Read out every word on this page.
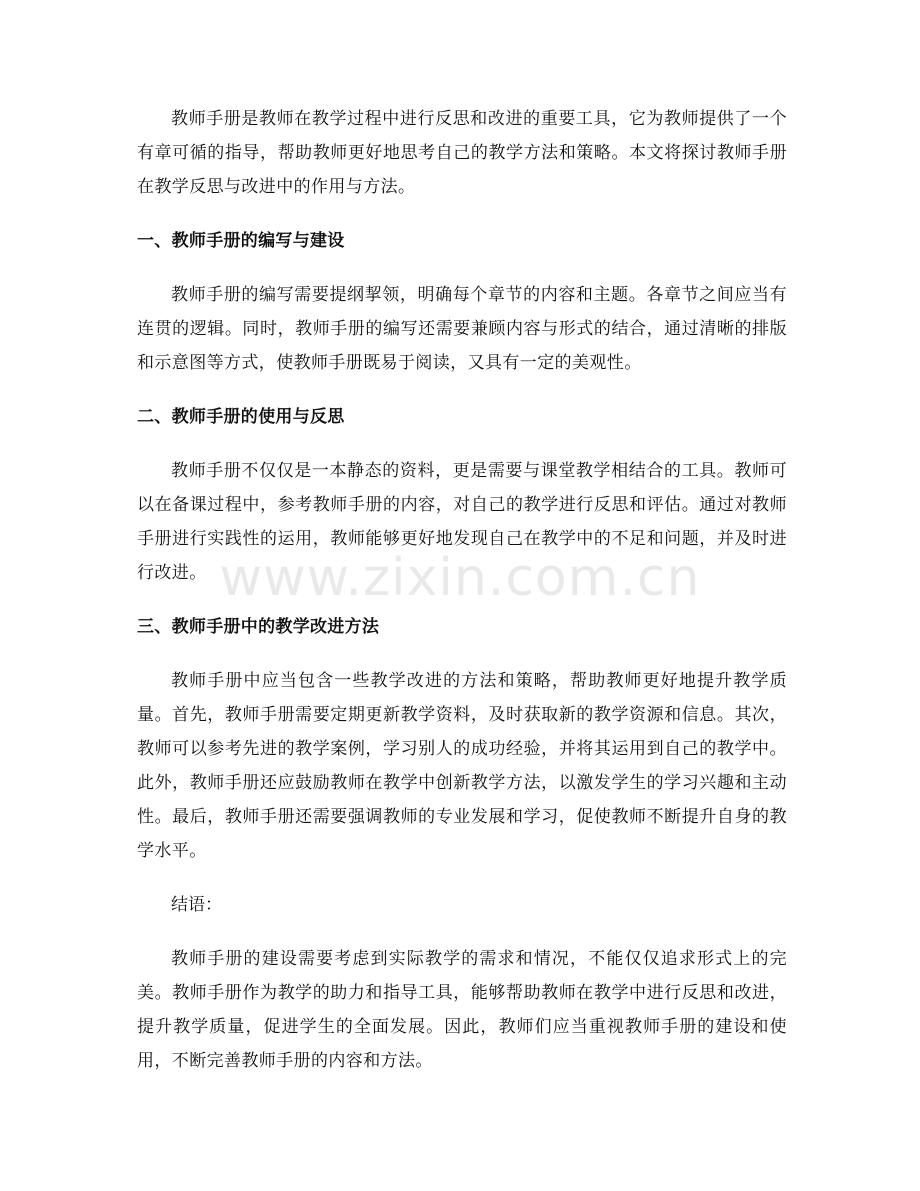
教师手册是教师在教学过程中进行反思和改进的重要工具，它为教师提供了一个有章可循的指导，帮助教师更好地思考自己的教学方法和策略。本文将探讨教师手册在教学反思与改进中的作用与方法。

一、教师手册的编写与建设

教师手册的编写需要提纲挈领，明确每个章节的内容和主题。各章节之间应当有连贯的逻辑。同时，教师手册的编写还需要兼顾内容与形式的结合，通过清晰的排版和示意图等方式，使教师手册既易于阅读，又具有一定的美观性。

二、教师手册的使用与反思

教师手册不仅仅是一本静态的资料，更是需要与课堂教学相结合的工具。教师可以在备课过程中，参考教师手册的内容，对自己的教学进行反思和评估。通过对教师手册进行实践性的运用，教师能够更好地发现自己在教学中的不足和问题，并及时进行改进。

三、教师手册中的教学改进方法

教师手册中应当包含一些教学改进的方法和策略，帮助教师更好地提升教学质量。首先，教师手册需要定期更新教学资料，及时获取新的教学资源和信息。其次，教师可以参考先进的教学案例，学习别人的成功经验，并将其运用到自己的教学中。此外，教师手册还应鼓励教师在教学中创新教学方法，以激发学生的学习兴趣和主动性。最后，教师手册还需要强调教师的专业发展和学习，促使教师不断提升自身的教学水平。

结语：

教师手册的建设需要考虑到实际教学的需求和情况，不能仅仅追求形式上的完美。教师手册作为教学的助力和指导工具，能够帮助教师在教学中进行反思和改进，提升教学质量，促进学生的全面发展。因此，教师们应当重视教师手册的建设和使用，不断完善教师手册的内容和方法。

www.zixin.com.cn
